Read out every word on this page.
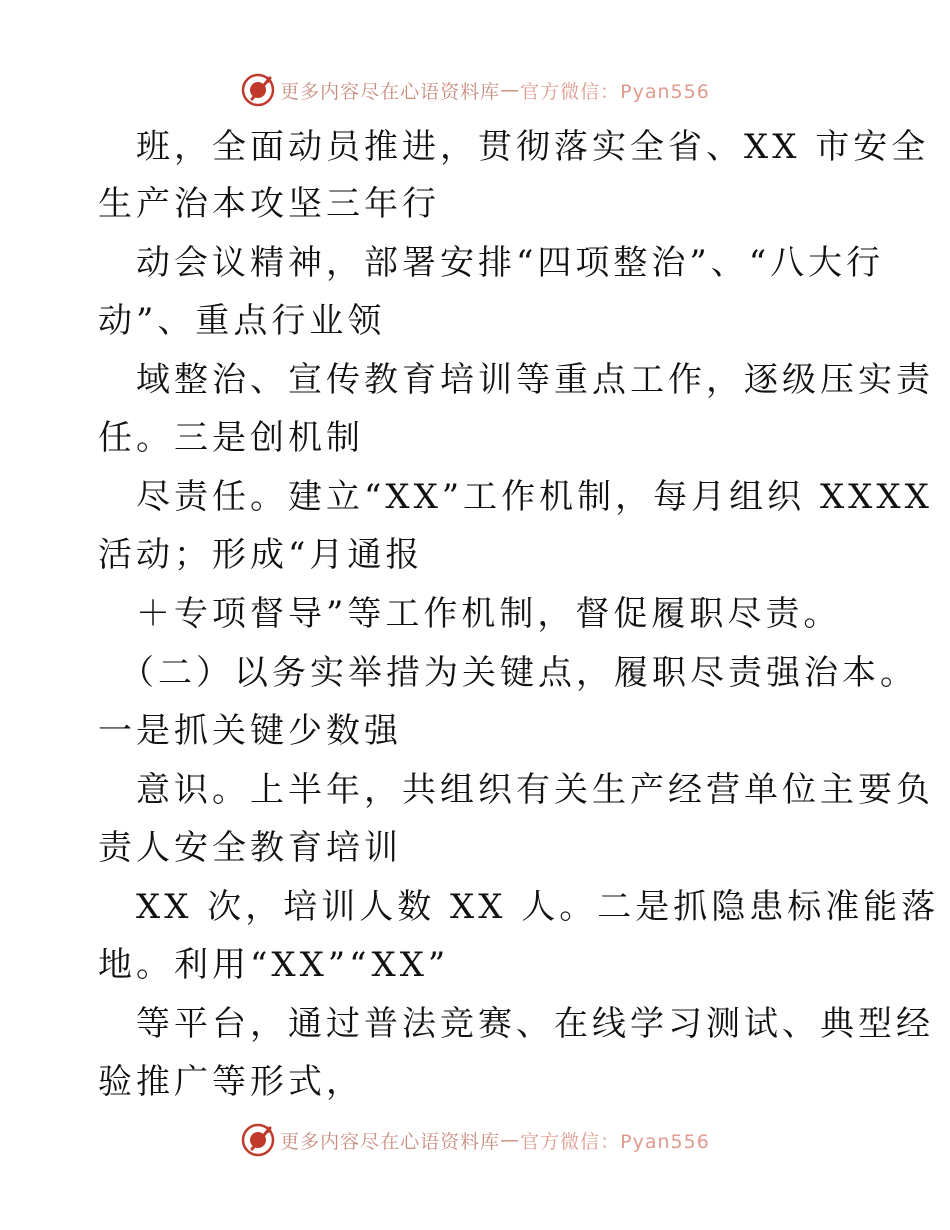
更多内容尽在心语资料库 — 官方微信：Pyan556
班，全面动员推进，贯彻落实全省、XX 市安全
生产治本攻坚三年行
动会议精神，部署安排“四项整治”、“八大行
动”、重点行业领
域整治、宣传教育培训等重点工作，逐级压实责
任。三是创机制
尽责任。建立“XX”工作机制，每月组织 XXXX
活动；形成“月通报
＋专项督导”等工作机制，督促履职尽责。
（二）以务实举措为关键点，履职尽责强治本。
一是抓关键少数强
意识。上半年，共组织有关生产经营单位主要负
责人安全教育培训
XX 次，培训人数 XX 人。二是抓隐患标准能落
地。利用“XX”“XX”
等平台，通过普法竞赛、在线学习测试、典型经
验推广等形式，
更多内容尽在心语资料库 — 官方微信：Pyan556
